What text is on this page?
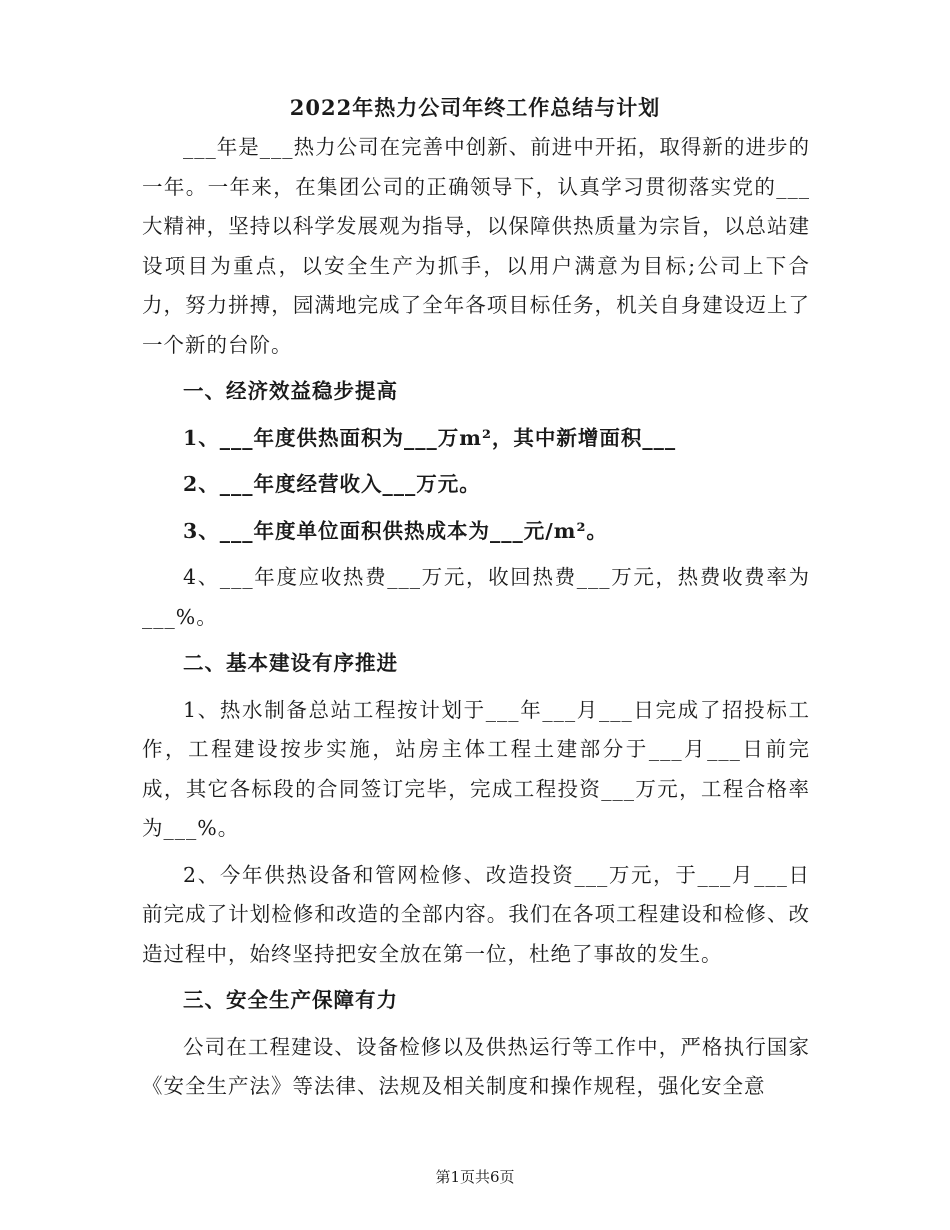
2022年热力公司年终工作总结与计划

___年是___热力公司在完善中创新、前进中开拓，取得新的进步的一年。一年来，在集团公司的正确领导下，认真学习贯彻落实党的___大精神，坚持以科学发展观为指导，以保障供热质量为宗旨，以总站建设项目为重点，以安全生产为抓手，以用户满意为目标;公司上下合力，努力拼搏，园满地完成了全年各项目标任务，机关自身建设迈上了一个新的台阶。

一、经济效益稳步提高

1、___年度供热面积为___万m²，其中新增面积___

2、___年度经营收入___万元。

3、___年度单位面积供热成本为___元/m²。

4、___年度应收热费___万元，收回热费___万元，热费收费率为___%。

二、基本建设有序推进

1、热水制备总站工程按计划于___年___月___日完成了招投标工作，工程建设按步实施，站房主体工程土建部分于___月___日前完成，其它各标段的合同签订完毕，完成工程投资___万元，工程合格率为___%。

2、今年供热设备和管网检修、改造投资___万元，于___月___日前完成了计划检修和改造的全部内容。我们在各项工程建设和检修、改造过程中，始终坚持把安全放在第一位，杜绝了事故的发生。

三、安全生产保障有力

公司在工程建设、设备检修以及供热运行等工作中，严格执行国家《安全生产法》等法律、法规及相关制度和操作规程，强化安全意

第1页共6页
